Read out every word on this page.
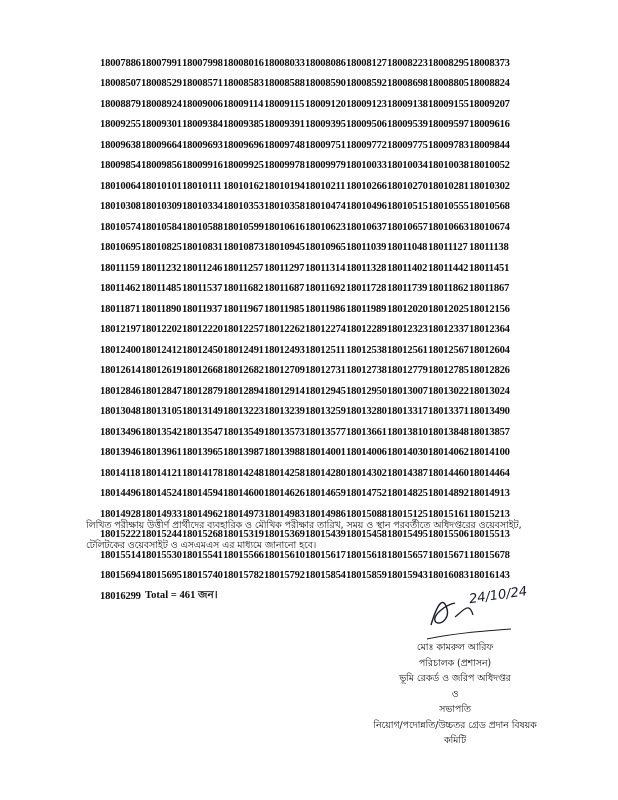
18007886 18007991 18007998 18008016 18008033 18008086 18008127 18008223 18008295 18008373
18008507 18008529 18008571 18008583 18008588 18008590 18008592 18008698 18008805 18008824
18008879 18008924 18009006 18009114 18009115 18009120 18009123 18009138 18009155 18009207
18009255 18009301 18009384 18009385 18009391 18009395 18009506 18009539 18009597 18009616
18009638 18009664 18009693 18009696 18009748 18009751 18009772 18009775 18009783 18009844
18009854 18009856 18009916 18009925 18009978 18009979 18010033 18010034 18010038 18010052
18010064 18010101 18010111 18010162 18010194 18010211 18010266 18010270 18010281 18010302
18010308 18010309 18010334 18010353 18010358 18010474 18010496 18010515 18010555 18010568
18010574 18010584 18010588 18010599 18010616 18010623 18010637 18010657 18010663 18010674
18010695 18010825 18010831 18010873 18010945 18010965 18011039 18011048 18011127 18011138
18011159 18011232 18011246 18011257 18011297 18011314 18011328 18011402 18011442 18011451
18011462 18011485 18011537 18011682 18011687 18011692 18011728 18011739 18011862 18011867
18011871 18011890 18011937 18011967 18011985 18011986 18011989 18012020 18012025 18012156
18012197 18012202 18012220 18012257 18012262 18012274 18012289 18012323 18012337 18012364
18012400 18012412 18012450 18012491 18012493 18012511 18012538 18012561 18012567 18012604
18012614 18012619 18012668 18012682 18012709 18012731 18012738 18012779 18012785 18012826
18012846 18012847 18012879 18012894 18012914 18012945 18012950 18013007 18013022 18013024
18013048 18013105 18013149 18013223 18013239 18013259 18013280 18013317 18013371 18013490
18013496 18013542 18013547 18013549 18013573 18013577 18013661 18013810 18013848 18013857
18013946 18013961 18013965 18013987 18013988 18014001 18014006 18014030 18014062 18014100
18014118 18014121 18014178 18014248 18014258 18014280 18014302 18014387 18014460 18014464
18014496 18014524 18014594 18014600 18014626 18014659 18014752 18014825 18014892 18014913
18014928 18014933 18014962 18014973 18014983 18014986 18015088 18015125 18015161 18015213
18015222 18015244 18015268 18015319 18015369 18015439 18015458 18015495 18015506 18015513
18015514 18015530 18015541 18015566 18015610 18015617 18015618 18015657 18015671 18015678
18015694 18015695 18015740 18015782 18015792 18015854 18015859 18015943 18016083 18016143
18016299 Total = 461 জন।
লিখিত পরীক্ষায় উত্তীর্ণ প্রার্থীদের ব্যবহারিক ও মৌখিক পরীক্ষার তারিখ, সময় ও স্থান পরবর্তীতে অধিদপ্তরের ওয়েবসাইট, টেলিটকের ওয়েবসাইট ও এসএমএস এর মাধ্যমে জানানো হবে।
24/10/24
মোঃ কামরুল আরিফ
পরিচালক (প্রশাসন)
ভূমি রেকর্ড ও জরিপ অধিদপ্তর
ও
সভাপতি
নিয়োগ/পদোন্নতি/উচ্চতর গ্রেড প্রদান বিষয়ক
কমিটি
